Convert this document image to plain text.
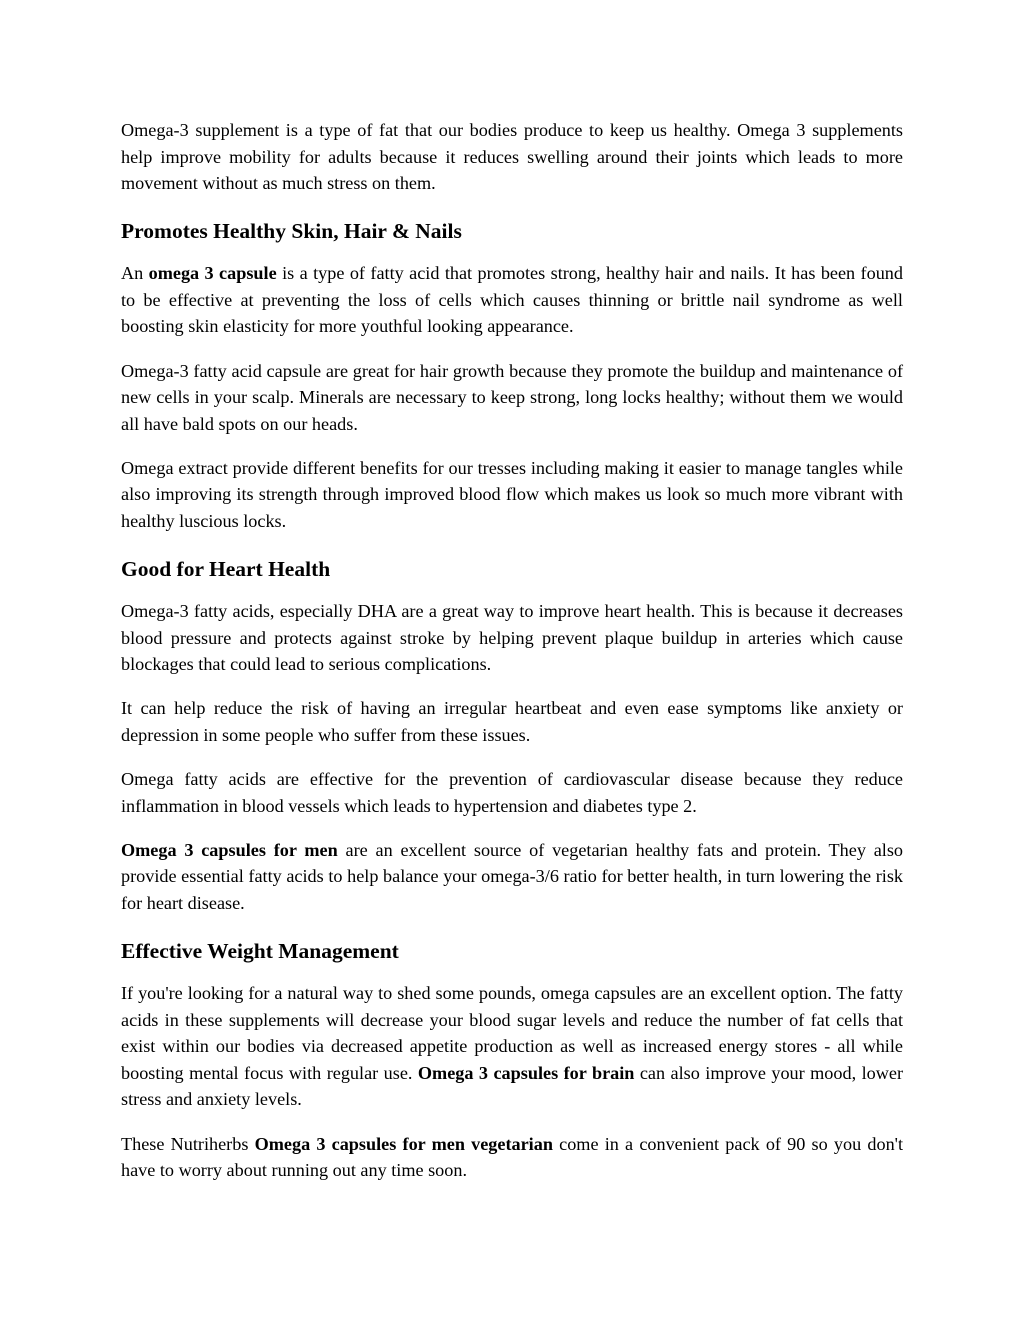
Omega-3 supplement is a type of fat that our bodies produce to keep us healthy. Omega 3 supplements help improve mobility for adults because it reduces swelling around their joints which leads to more movement without as much stress on them.

Promotes Healthy Skin, Hair & Nails

An omega 3 capsule is a type of fatty acid that promotes strong, healthy hair and nails. It has been found to be effective at preventing the loss of cells which causes thinning or brittle nail syndrome as well boosting skin elasticity for more youthful looking appearance.

Omega-3 fatty acid capsule are great for hair growth because they promote the buildup and maintenance of new cells in your scalp. Minerals are necessary to keep strong, long locks healthy; without them we would all have bald spots on our heads.

Omega extract provide different benefits for our tresses including making it easier to manage tangles while also improving its strength through improved blood flow which makes us look so much more vibrant with healthy luscious locks.

Good for Heart Health

Omega-3 fatty acids, especially DHA are a great way to improve heart health. This is because it decreases blood pressure and protects against stroke by helping prevent plaque buildup in arteries which cause blockages that could lead to serious complications.

It can help reduce the risk of having an irregular heartbeat and even ease symptoms like anxiety or depression in some people who suffer from these issues.

Omega fatty acids are effective for the prevention of cardiovascular disease because they reduce inflammation in blood vessels which leads to hypertension and diabetes type 2.

Omega 3 capsules for men are an excellent source of vegetarian healthy fats and protein. They also provide essential fatty acids to help balance your omega-3/6 ratio for better health, in turn lowering the risk for heart disease.

Effective Weight Management

If you're looking for a natural way to shed some pounds, omega capsules are an excellent option. The fatty acids in these supplements will decrease your blood sugar levels and reduce the number of fat cells that exist within our bodies via decreased appetite production as well as increased energy stores - all while boosting mental focus with regular use. Omega 3 capsules for brain can also improve your mood, lower stress and anxiety levels.

These Nutriherbs Omega 3 capsules for men vegetarian come in a convenient pack of 90 so you don't have to worry about running out any time soon.
